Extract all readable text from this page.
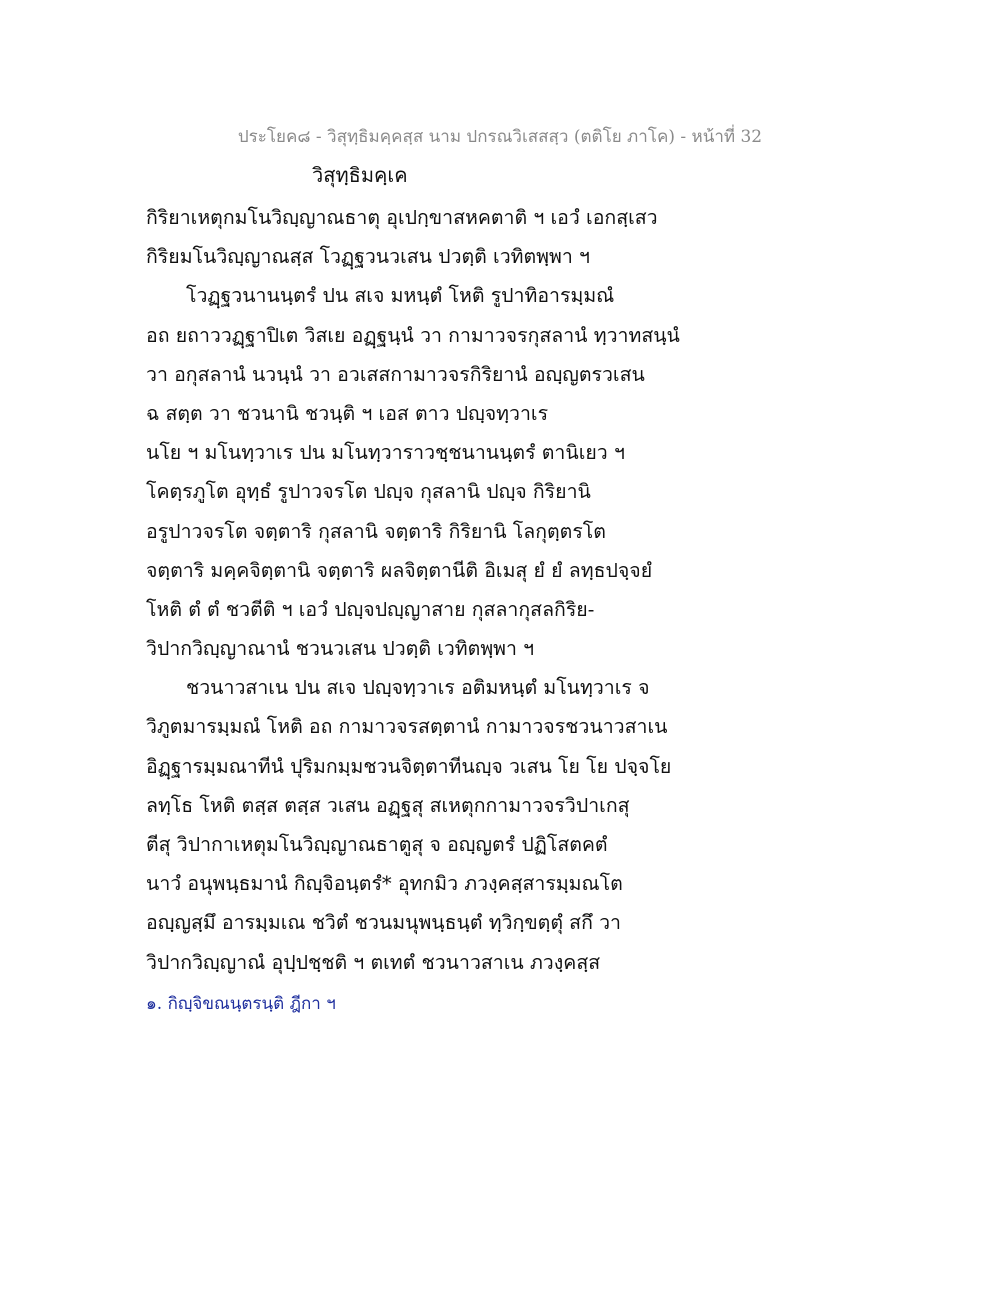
ประโยค๘ - วิสุทฺธิมคฺคสฺส นาม ปกรณวิเสสสฺว (ตติโย ภาโค) - หน้าที่ 32
วิสุทฺธิมคฺเค
กิริยาเหตุกมโนวิญฺญาณธาตุ อุเปกฺขาสหคตาติ ฯ เอวํ เอกสฺเสว
กิริยมโนวิญฺญาณสฺส โวฏฺฐวนวเสน ปวตฺติ เวทิตพฺพา ฯ
โวฏฺฐวนานนฺตรํ ปน สเจ มหนฺตํ โหติ รูปาทิอารมฺมณํ
อถ ยถาววฏฺฐาปิเต วิสเย อฏฺฐนฺนํ วา กามาวจรกุสลานํ ทฺวาทสนฺนํ
วา อกุสลานํ นวนฺนํ วา อวเสสกามาวจรกิริยานํ อญฺญตรวเสน
ฉ สตฺต วา ชวนานิ ชวนฺติ ฯ เอส ตาว ปญฺจทฺวาเร
นโย ฯ มโนทฺวาเร ปน มโนทฺวาราวชฺชนานนฺตรํ ตานิเยว ฯ
โคตฺรภูโต อุทฺธํ รูปาวจรโต ปญฺจ กุสลานิ ปญฺจ กิริยานิ
อรูปาวจรโต จตฺตาริ กุสลานิ จตฺตาริ กิริยานิ โลกุตฺตรโต
จตฺตาริ มคฺคจิตฺตานิ จตฺตาริ ผลจิตฺตานีติ อิเมสุ ยํ ยํ ลทฺธปจฺจยํ
โหติ ตํ ตํ ชวตีติ ฯ เอวํ ปญฺจปญฺญาสาย กุสลากุสลกิริย-
วิปากวิญฺญาณานํ ชวนวเสน ปวตฺติ เวทิตพฺพา ฯ
ชวนาวสาเน ปน สเจ ปญฺจทฺวาเร อติมหนฺตํ มโนทฺวาเร จ
วิภูตมารมฺมณํ โหติ อถ กามาวจรสตฺตานํ กามาวจรชวนาวสาเน
อิฏฺฐารมฺมณาทีนํ ปุริมกมฺมชวนจิตฺตาทีนญฺจ วเสน โย โย ปจฺจโย
ลทฺโธ โหติ ตสฺส ตสฺส วเสน อฏฺฐสุ สเหตุกกามาวจรวิปาเกสุ
ตีสุ วิปากาเหตุมโนวิญฺญาณธาตูสุ จ อญฺญตรํ ปฏิโสตคตํ
นาวํ อนุพนฺธมานํ กิญฺจิอนฺตรํ* อุทกมิว ภวงฺคสฺสารมฺมณโต
อญฺญสฺมึ อารมฺมเณ ชวิตํ ชวนมนุพนฺธนฺตํ ทฺวิกฺขตฺตุํ สกึ วา
วิปากวิญฺญาณํ อุปฺปชฺชติ ฯ ตเทตํ ชวนาวสาเน ภวงฺคสฺส
๑. กิญฺจิขณนฺตรนฺติ ฎีกา ฯ
